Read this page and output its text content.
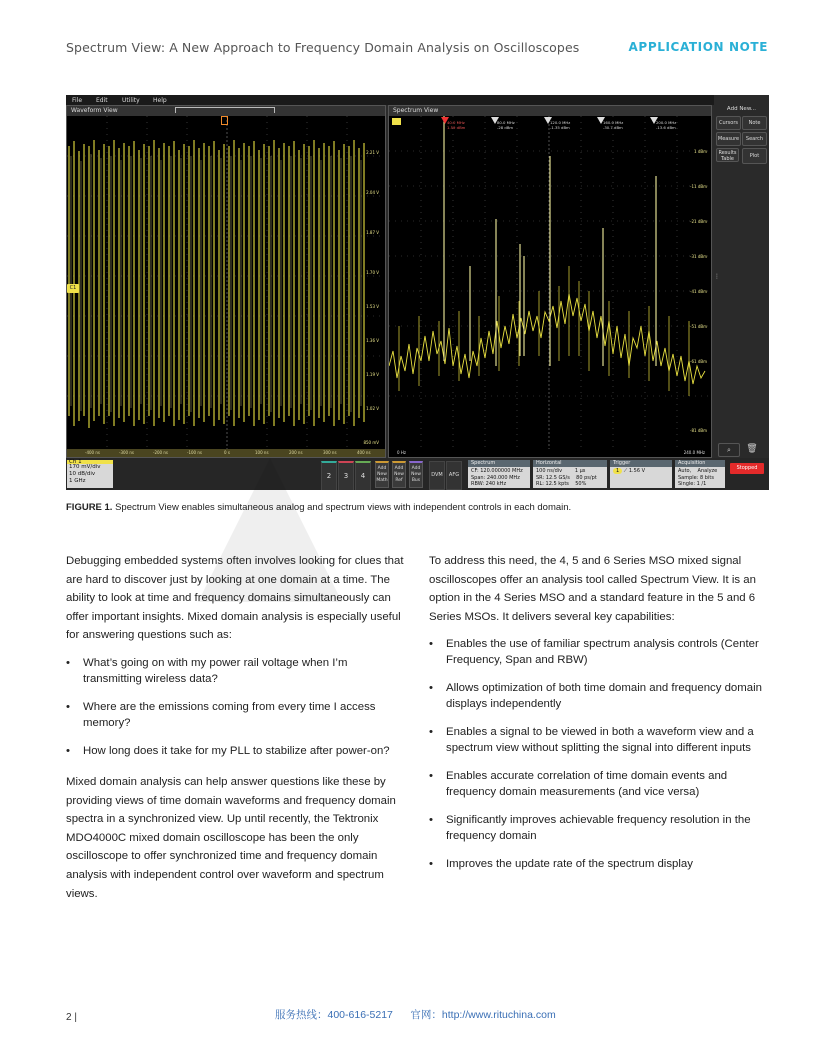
Spectrum View: A New Approach to Frequency Domain Analysis on Oscilloscopes	APPLICATION NOTE
File Edit Utility Help
Waveform View
C1
2.21 V
2.04 V
1.87 V
1.70 V
1.53 V
1.36 V
1.19 V
1.02 V
850 mV
-400 ns	-300 ns	-200 ns	-100 ns	0 s	100 ns	200 ns	300 ns	400 ns
Spectrum View
40.0 MHz
1.59 dBm
80.0 MHz
-28 dBm
120.0 MHz
-1.35 dBm
160.0 MHz
-30.7 dBm
200.0 MHz
-13.6 dBm
1 dBm
-11 dBm
-21 dBm
-31 dBm
-41 dBm
-51 dBm
-61 dBm
-81 dBm
0 Hz	240.0 MHz
Add New...
Cursors	Note
Measure	Search
Results Table	Plot
⋮
⌕	🗑
Ch 1
170 mV/div
10 dB/div
1 GHz
2	3	4
Add
New
Math
Add
New
Ref
Add
New
Bus
DVM	AFG
Spectrum
CF: 120.000000 MHz
Span: 240.000 MHz
RBW: 240 kHz
Horizontal
100 ns/div        1 µs
SR: 12.5 GS/s    80 ps/pt
RL: 12.5 kpts    50%
Trigger
1 ⟋ 1.56 V
Acquisition
Auto,    Analyze
Sample: 8 bits
Single: 1 /1
Stopped
FIGURE 1. Spectrum View enables simultaneous analog and spectrum views with independent controls in each domain.

Debugging embedded systems often involves looking for clues that are hard to discover just by looking at one domain at a time. The ability to look at time and frequency domains simultaneously can offer important insights. Mixed domain analysis is especially useful for answering questions such as:

• What’s going on with my power rail voltage when I’m transmitting wireless data?
• Where are the emissions coming from every time I access memory?
• How long does it take for my PLL to stabilize after power-on?

Mixed domain analysis can help answer questions like these by providing views of time domain waveforms and frequency domain spectra in a synchronized view. Up until recently, the Tektronix MDO4000C mixed domain oscilloscope has been the only oscilloscope to offer synchronized time and frequency domain analysis with independent control over waveform and spectrum views.

To address this need, the 4, 5 and 6 Series MSO mixed signal oscilloscopes offer an analysis tool called Spectrum View. It is an option in the 4 Series MSO and a standard feature in the 5 and 6 Series MSOs. It delivers several key capabilities:

• Enables the use of familiar spectrum analysis controls (Center Frequency, Span and RBW)
• Allows optimization of both time domain and frequency domain displays independently
• Enables a signal to be viewed in both a waveform view and a spectrum view without splitting the signal into different inputs
• Enables accurate correlation of time domain events and frequency domain measurements (and vice versa)
• Significantly improves achievable frequency resolution in the frequency domain
• Improves the update rate of the spectrum display
2 |	服务热线：400-616-5217      官网：http://www.rituchina.com
